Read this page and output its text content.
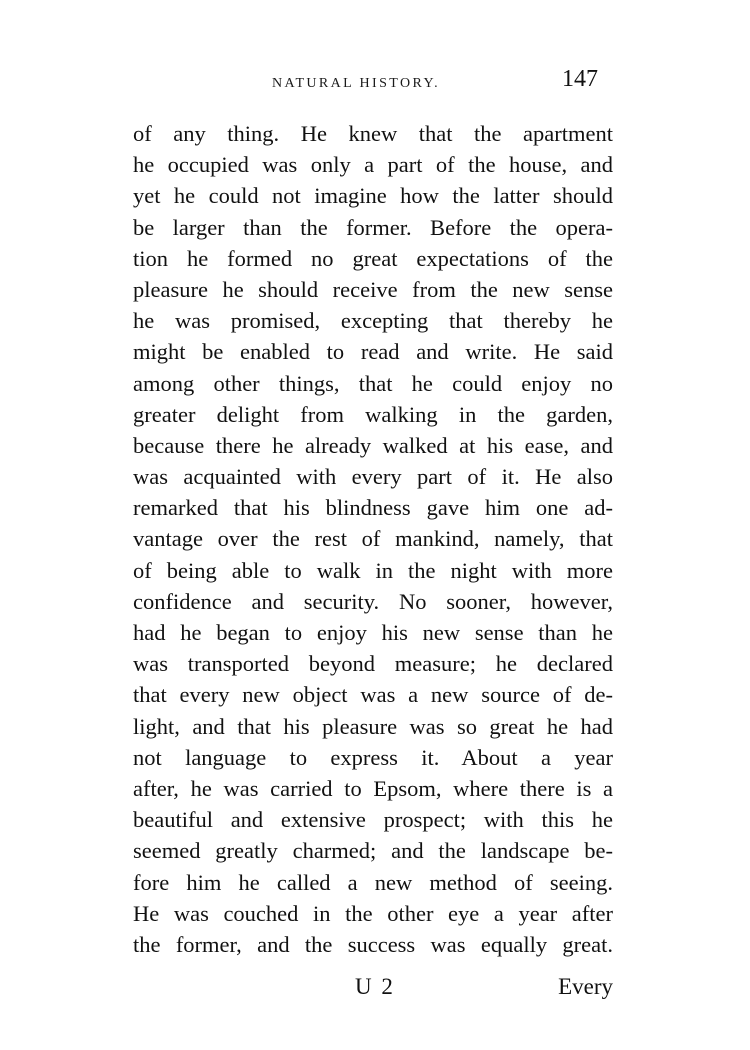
NATURAL HISTORY.	147
of any thing. He knew that the apartment
he occupied was only a part of the house, and
yet he could not imagine how the latter should
be larger than the former. Before the opera-
tion he formed no great expectations of the
pleasure he should receive from the new sense
he was promised, excepting that thereby he
might be enabled to read and write. He said
among other things, that he could enjoy no
greater delight from walking in the garden,
because there he already walked at his ease, and
was acquainted with every part of it. He also
remarked that his blindness gave him one ad-
vantage over the rest of mankind, namely, that
of being able to walk in the night with more
confidence and security. No sooner, however,
had he began to enjoy his new sense than he
was transported beyond measure; he declared
that every new object was a new source of de-
light, and that his pleasure was so great he had
not language to express it. About a year
after, he was carried to Epsom, where there is a
beautiful and extensive prospect; with this he
seemed greatly charmed; and the landscape be-
fore him he called a new method of seeing.
He was couched in the other eye a year after
the former, and the success was equally great.
U 2	Every
